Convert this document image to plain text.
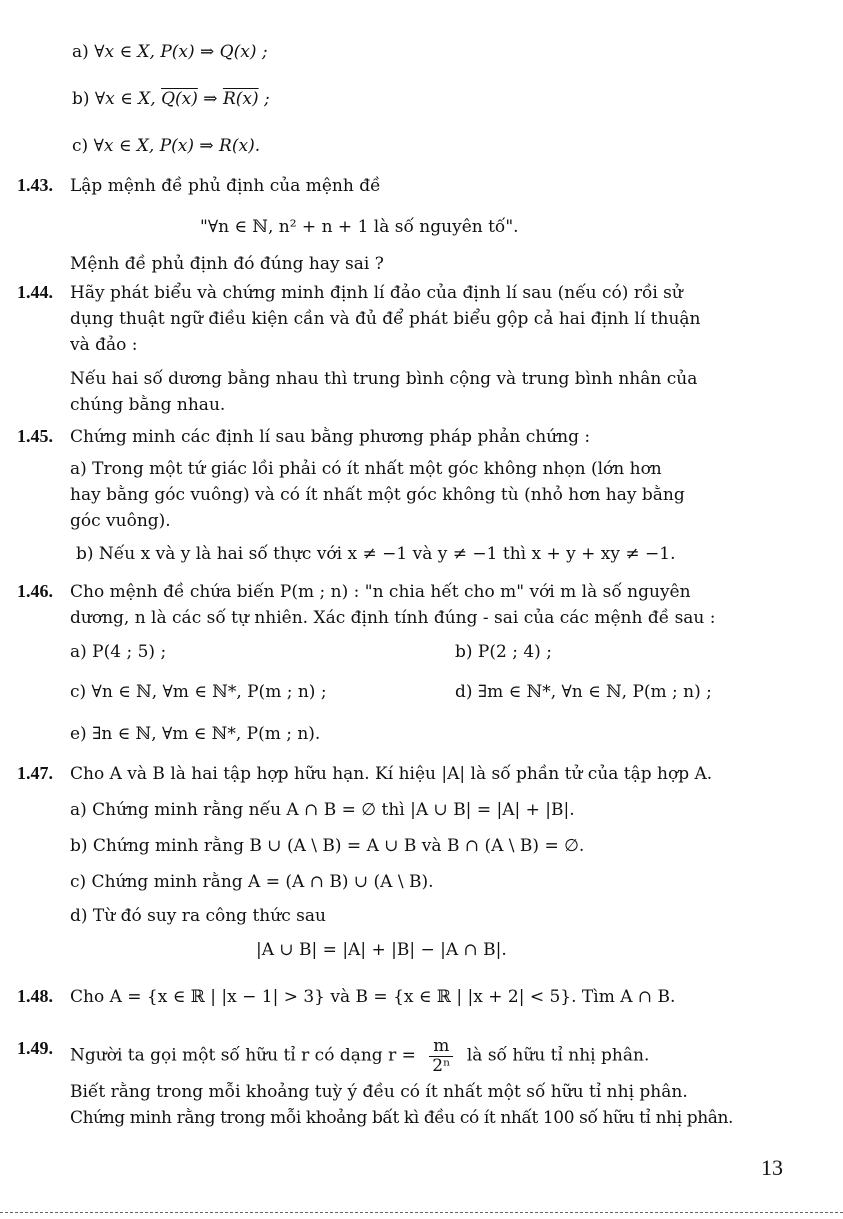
a) ∀x ∈ X, P(x) ⇒ Q(x) ;
b) ∀x ∈ X, Q(x) ⇒ R(x) ;
c) ∀x ∈ X, P(x) ⇒ R(x).
1.43. Lập mệnh đề phủ định của mệnh đề
"∀n ∈ ℕ, n² + n + 1 là số nguyên tố".
Mệnh đề phủ định đó đúng hay sai ?
1.44. Hãy phát biểu và chứng minh định lí đảo của định lí sau (nếu có) rồi sử
dụng thuật ngữ điều kiện cần và đủ để phát biểu gộp cả hai định lí thuận
và đảo :
Nếu hai số dương bằng nhau thì trung bình cộng và trung bình nhân của
chúng bằng nhau.
1.45. Chứng minh các định lí sau bằng phương pháp phản chứng :
a) Trong một tứ giác lồi phải có ít nhất một góc không nhọn (lớn hơn
hay bằng góc vuông) và có ít nhất một góc không tù (nhỏ hơn hay bằng
góc vuông).
b) Nếu x và y là hai số thực với x ≠ −1 và y ≠ −1 thì x + y + xy ≠ −1.
1.46. Cho mệnh đề chứa biến P(m ; n) : "n chia hết cho m" với m là số nguyên
dương, n là các số tự nhiên. Xác định tính đúng - sai của các mệnh đề sau :
a) P(4 ; 5) ;	b) P(2 ; 4) ;
c) ∀n ∈ ℕ, ∀m ∈ ℕ*, P(m ; n) ;	d) ∃m ∈ ℕ*, ∀n ∈ ℕ, P(m ; n) ;
e) ∃n ∈ ℕ, ∀m ∈ ℕ*, P(m ; n).
1.47. Cho A và B là hai tập hợp hữu hạn. Kí hiệu |A| là số phần tử của tập hợp A.
a) Chứng minh rằng nếu A ∩ B = ∅ thì |A ∪ B| = |A| + |B|.
b) Chứng minh rằng B ∪ (A \ B) = A ∪ B và B ∩ (A \ B) = ∅.
c) Chứng minh rằng A = (A ∩ B) ∪ (A \ B).
d) Từ đó suy ra công thức sau
|A ∪ B| = |A| + |B| − |A ∩ B|.
1.48. Cho A = {x ∈ ℝ | |x − 1| > 3} và B = {x ∈ ℝ | |x + 2| < 5}. Tìm A ∩ B.
1.49. Người ta gọi một số hữu tỉ r có dạng $r = \frac{m}{\text{2ⁿ}}$ là số hữu tỉ nhị phân.
Biết rằng trong mỗi khoảng tuỳ ý đều có ít nhất một số hữu tỉ nhị phân.
Chứng minh rằng trong mỗi khoảng bất kì đều có ít nhất 100 số hữu tỉ nhị phân.
13
